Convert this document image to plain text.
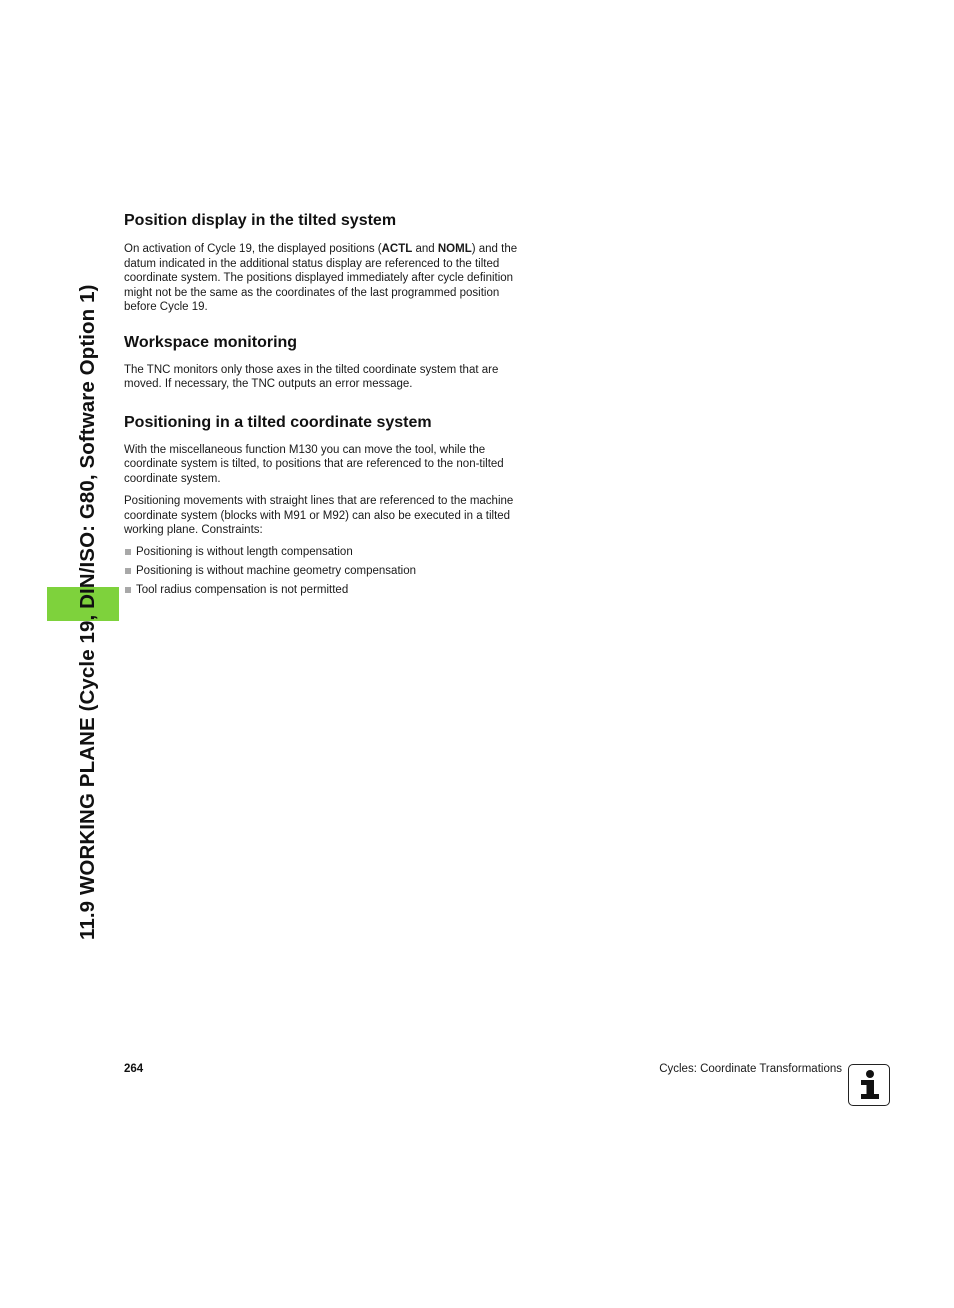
11.9 WORKING PLANE (Cycle 19, DIN/ISO: G80, Software Option 1)
Position display in the tilted system

On activation of Cycle 19, the displayed positions (ACTL and NOML) and the datum indicated in the additional status display are referenced to the tilted coordinate system. The positions displayed immediately after cycle definition might not be the same as the coordinates of the last programmed position before Cycle 19.

Workspace monitoring

The TNC monitors only those axes in the tilted coordinate system that are moved. If necessary, the TNC outputs an error message.

Positioning in a tilted coordinate system

With the miscellaneous function M130 you can move the tool, while the coordinate system is tilted, to positions that are referenced to the non-tilted coordinate system.

Positioning movements with straight lines that are referenced to the machine coordinate system (blocks with M91 or M92) can also be executed in a tilted working plane. Constraints:

Positioning is without length compensation
Positioning is without machine geometry compensation
Tool radius compensation is not permitted
264	Cycles: Coordinate Transformations
